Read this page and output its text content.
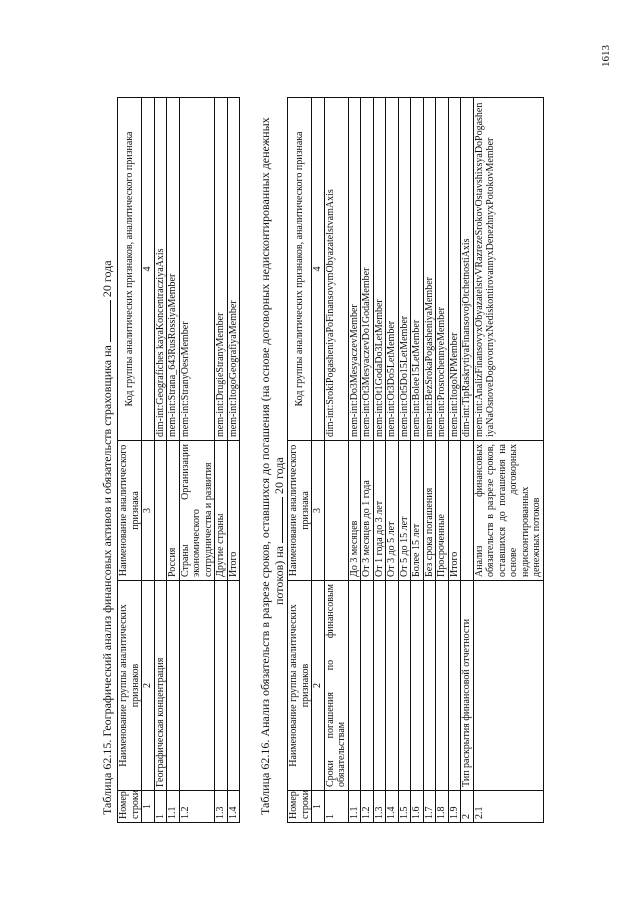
Таблица 62.15. Географический анализ финансовых активов и обязательств страховщика на  20 года
Номер строки	Наименование группы аналитических признаков	Наименование аналитического признака	Код группы аналитических признаков, аналитического признака
1	2	3	4
1	Географическая концентрация		dim-int:Geografiches kayaKoncentracziyaAxis
1.1		Россия	mem-int:Strana_643RusRossiyaMember
1.2		Страны Организации экономического сотрудничества и развития	mem-int:StranyOesrMember
1.3		Другие страны	mem-int:DrugieStranyMember
1.4		Итого	mem-int:ItogoGeografiyaMember Таблица 62.16. Анализ обязательств в разрезе сроков, оставшихся до погашения (на основе договорных недисконтированных денежных потоков) на  20 года
Номер строки	Наименование группы аналитических признаков	Наименование аналитического признака	Код группы аналитических признаков, аналитического признака
1	2	3	4
1	Сроки погашения по финансовым обязательствам		dim-int:SrokiPogasheniyaPoFinansovymObyazatelstvamAxis
1.1		До 3 месяцев	mem-int:Do3MesyaczevMember
1.2		От 3 месяцев до 1 года	mem-int:Ot3MesyaczevDo1GodaMember
1.3		От 1 года до 3 лет	mem-int:Ot1GodaDo3LetMember
1.4		От 3 до 5 лет	mem-int:Ot3Do5LetMember
1.5		От 5 до 15 лет	mem-int:Ot5Do15LetMember
1.6		Более 15 лет	mem-int:Bolee15LetMember
1.7		Без срока погашения	mem-int:BezSrokaPogasheniyaMember
1.8		Просроченные	mem-int:ProsrochennyeMember
1.9		Итого	mem-int:ItogoNPMember
2	Тип раскрытия финансовой отчетности		dim-int:TipRaskrytiyaFinansovojOtchetnostiAxis
2.1		Анализ финансовых обязательств в разрезе сроков, оставшихся до погашения на основе договорных недисконтированных денежных потоков	mem-int:AnalizFinansovyxObyazatelstvVRazrezeSrokovOstavshixsyaDoPogasheniyaNaOsnoveDogovornyxNediskontirovannyxDenezhnyxPotokovMember
1613
